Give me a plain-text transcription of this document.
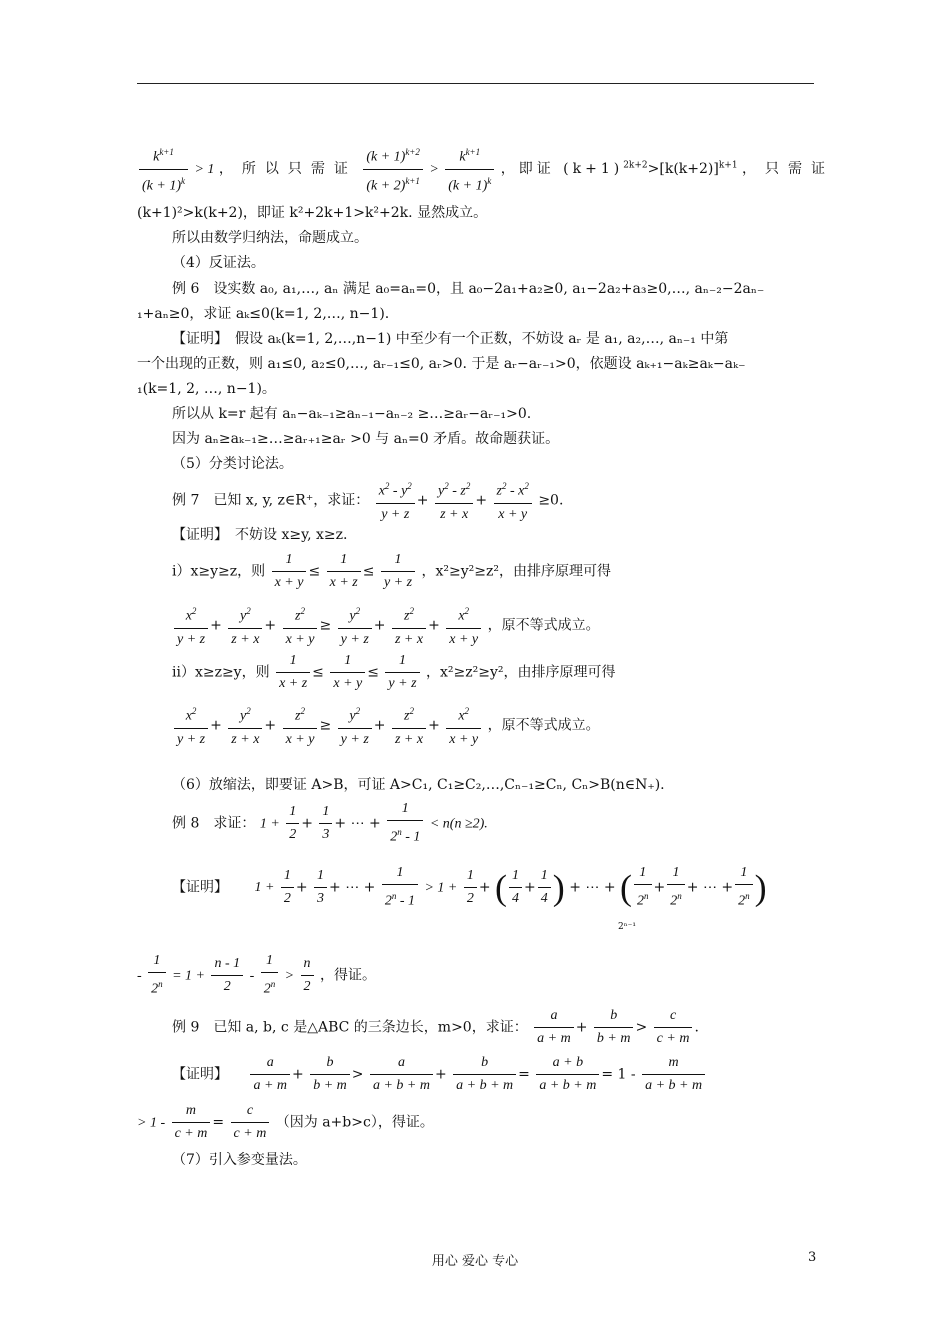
$\frac{k^{k+1}}{(k + 1)^k} > 1$ ，所以只需证 $\frac{(k + 1)^{k+2}}{(k + 2)^{k+1}} > \frac{k^{k+1}}{(k + 1)^k}$ ，即证 $(k+1)^{2k+2}>[k(k+2)]^{k+1}$ ，只需证
(k+1)²>k(k+2)，即证 k²+2k+1>k²+2k. 显然成立。
所以由数学归纳法，命题成立。
（4）反证法。
例 6　设实数 a₀, a₁,…, aₙ 满足 a₀=aₙ=0，且 a₀−2a₁+a₂≥0, a₁−2a₂+a₃≥0,…, aₙ₋₂−2aₙ₋
₁+aₙ≥0，求证 aₖ≤0(k=1, 2,…, n−1).
【证明】　假设 aₖ(k=1, 2,…,n−1) 中至少有一个正数，不妨设 aᵣ 是 a₁, a₂,…, aₙ₋₁ 中第
一个出现的正数，则 a₁≤0, a₂≤0,…, aᵣ₋₁≤0, aᵣ>0. 于是 aᵣ−aᵣ₋₁>0，依题设 aₖ₊₁−aₖ≥aₖ−aₖ₋
₁(k=1, 2, …, n−1)。
所以从 k=r 起有 aₙ−aₖ₋₁≥aₙ₋₁−aₙ₋₂ ≥…≥aᵣ−aᵣ₋₁>0.
因为 aₙ≥aₖ₋₁≥…≥aᵣ₊₁≥aᵣ >0 与 aₙ=0 矛盾。故命题获证。
（5）分类讨论法。
例 7　已知 x, y, z∈R⁺，求证： $\frac{x^2 - y^2}{y + z} + \frac{y^2 - z^2}{z + x} + \frac{z^2 - x^2}{x + y} \ge 0$.
【证明】　不妨设 x≥y, x≥z.
ⅰ）x≥y≥z，则 $\frac{1}{x + y} \le \frac{1}{x + z} \le \frac{1}{y + z}$ ，x²≥y²≥z²，由排序原理可得
$\frac{x^2}{y + z} + \frac{y^2}{z + x} + \frac{z^2}{x + y} \ge \frac{y^2}{y + z} + \frac{z^2}{z + x} + \frac{x^2}{x + y}$ ，原不等式成立。
ⅱ）x≥z≥y，则 $\frac{1}{x + z} \le \frac{1}{x + y} \le \frac{1}{y + z}$ ，x²≥z²≥y²，由排序原理可得
$\frac{x^2}{y + z} + \frac{y^2}{z + x} + \frac{z^2}{x + y} \ge \frac{y^2}{y + z} + \frac{z^2}{z + x} + \frac{x^2}{x + y}$ ，原不等式成立。
（6）放缩法，即要证 A>B，可证 A>C₁, C₁≥C₂,…,Cₙ₋₁≥Cₙ, Cₙ>B(n∈N₊).
例 8　求证： $1 + \frac{1}{2} + \frac{1}{3}$ + ⋯ + $\frac{1}{2^n - 1} < n(n \ge 2)$.
【证明】 $1 + \frac{1}{2} + \frac{1}{3}$ + ⋯ + $\frac{1}{2^n - 1} > 1 + \frac{1}{2}$ + ( $\frac{1}{4} + \frac{1}{4}$ ) + ⋯ + ( $\frac{1}{2^n} + \frac{1}{2^n}$ + ⋯ + $\frac{1}{2^n}$ )
2ⁿ⁻¹
- $\frac{1}{2^n} = 1 + \frac{n - 1}{2} - \frac{1}{2^n} > \frac{n}{2}$ ，得证。
例 9　已知 a, b, c 是△ABC 的三条边长，m>0，求证： $\frac{a}{a + m} + \frac{b}{b + m} > \frac{c}{c + m}$ .
【证明】 $\frac{a}{a + m} + \frac{b}{b + m} > \frac{a}{a + b + m} + \frac{b}{a + b + m} = \frac{a + b}{a + b + m} = 1 - \frac{m}{a + b + m}$
> $1 - \frac{m}{c + m} = \frac{c}{c + m}$ （因为 a+b>c），得证。
（7）引入参变量法。
用心 爱心 专心	3
